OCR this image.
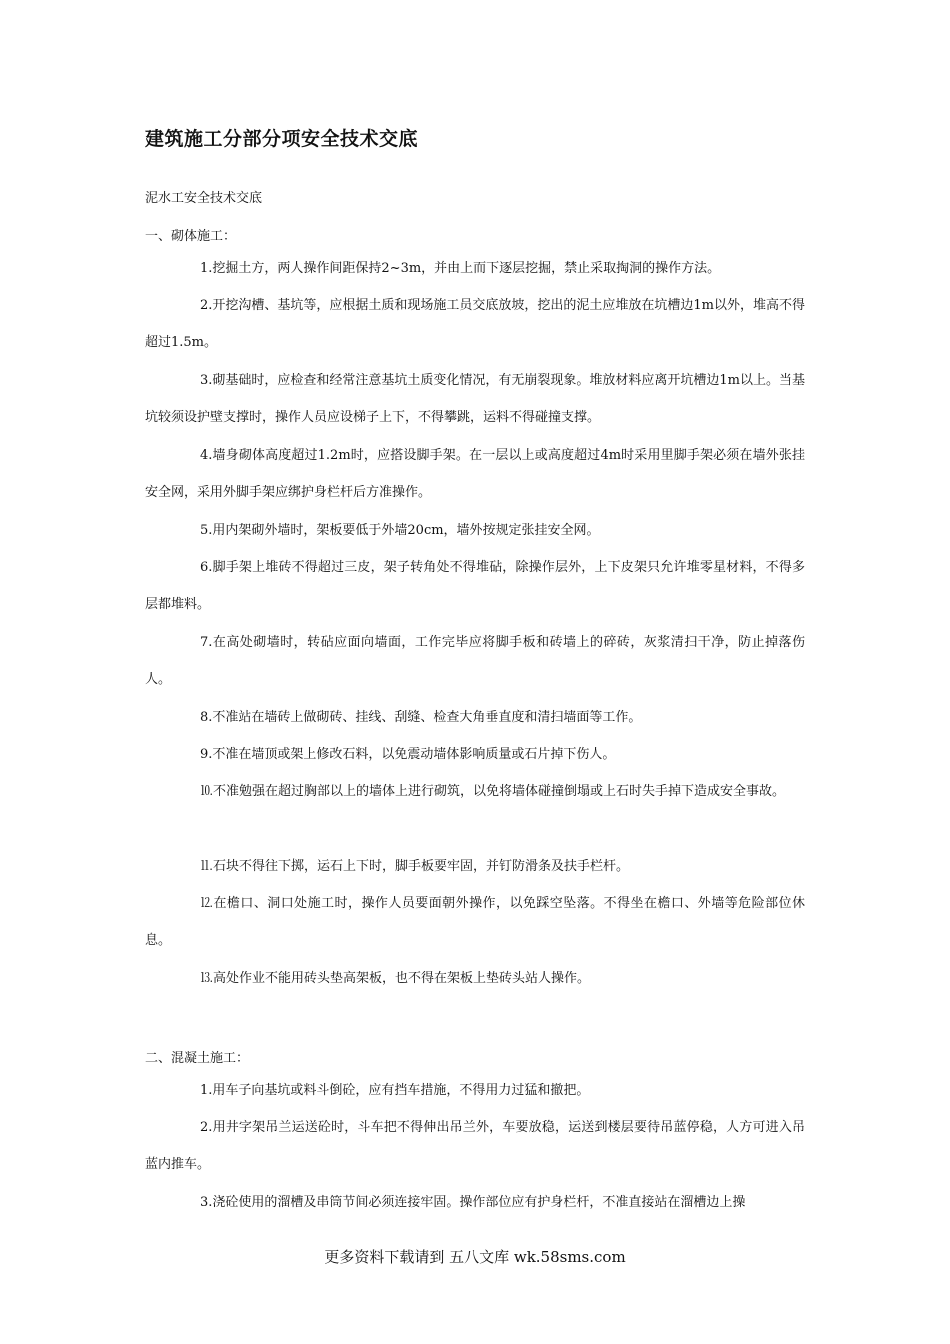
建筑施工分部分项安全技术交底

泥水工安全技术交底

一、砌体施工：

1.挖掘土方，两人操作间距保持2~3m，并由上而下逐层挖掘，禁止采取掏洞的操作方法。

2.开挖沟槽、基坑等，应根据土质和现场施工员交底放坡，挖出的泥土应堆放在坑槽边1m以外，堆高不得超过1.5m。

3.砌基础时，应检查和经常注意基坑土质变化情况，有无崩裂现象。堆放材料应离开坑槽边1m以上。当基坑较须设护壁支撑时，操作人员应设梯子上下，不得攀跳，运料不得碰撞支撑。

4.墙身砌体高度超过1.2m时，应搭设脚手架。在一层以上或高度超过4m时采用里脚手架必须在墙外张挂安全网，采用外脚手架应绑护身栏杆后方准操作。

5.用内架砌外墙时，架板要低于外墙20cm，墙外按规定张挂安全网。

6.脚手架上堆砖不得超过三皮，架子转角处不得堆砧，除操作层外，上下皮架只允许堆零星材料，不得多层都堆料。

7.在高处砌墙时，转砧应面向墙面，工作完毕应将脚手板和砖墙上的碎砖，灰浆清扫干净，防止掉落伤人。

8.不准站在墙砖上做砌砖、挂线、刮缝、检查大角垂直度和清扫墙面等工作。

9.不准在墙顶或架上修改石料，以免震动墙体影响质量或石片掉下伤人。

⒑不准勉强在超过胸部以上的墙体上进行砌筑，以免将墙体碰撞倒塌或上石时失手掉下造成安全事故。

⒒石块不得往下掷，运石上下时，脚手板要牢固，并钉防滑条及扶手栏杆。

⒓在檐口、洞口处施工时，操作人员要面朝外操作，以免踩空坠落。不得坐在檐口、外墙等危险部位休息。

⒔高处作业不能用砖头垫高架板，也不得在架板上垫砖头站人操作。

二、混凝土施工：

1.用车子向基坑或料斗倒砼，应有挡车措施，不得用力过猛和撤把。

2.用井字架吊兰运送砼时，斗车把不得伸出吊兰外，车要放稳，运送到楼层要待吊蓝停稳，人方可进入吊蓝内推车。

3.浇砼使用的溜槽及串筒节间必须连接牢固。操作部位应有护身栏杆，不准直接站在溜槽边上操

更多资料下载请到 五八文库 wk.58sms.com
